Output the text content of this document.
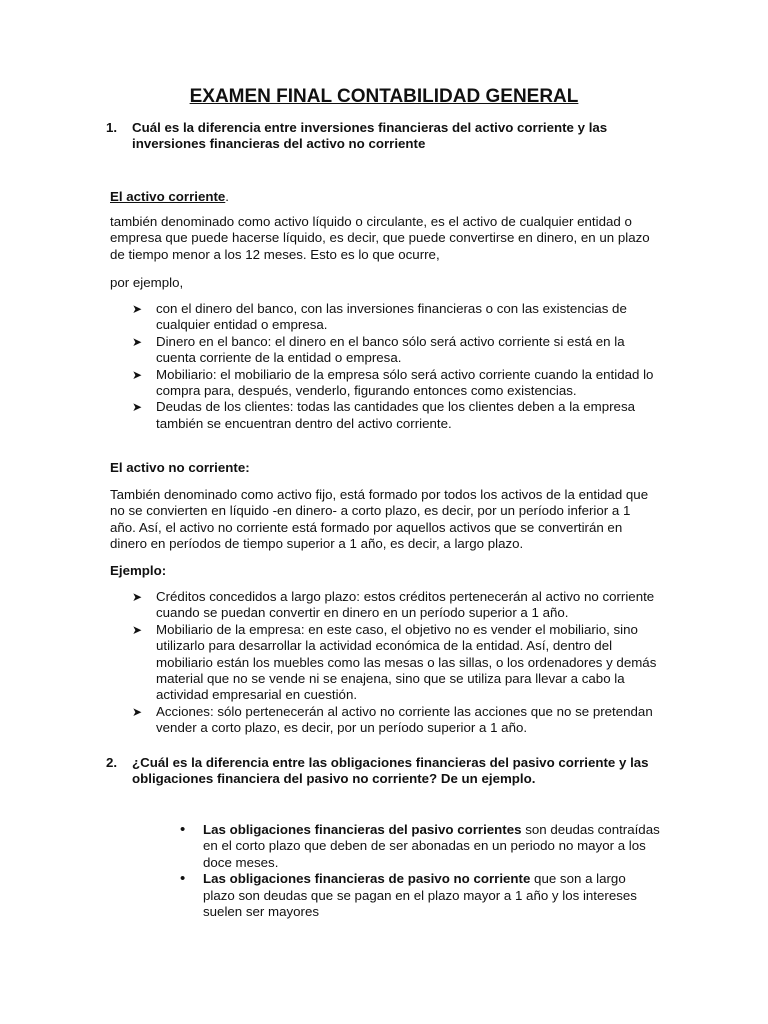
EXAMEN FINAL CONTABILIDAD GENERAL
1. Cuál es la diferencia entre inversiones financieras del activo corriente y las inversiones financieras del activo no corriente
El activo corriente.

también denominado como activo líquido o circulante, es el activo de cualquier entidad o empresa que puede hacerse líquido, es decir, que puede convertirse en dinero, en un plazo de tiempo menor a los 12 meses. Esto es lo que ocurre,

por ejemplo,

➤ con el dinero del banco, con las inversiones financieras o con las existencias de cualquier entidad o empresa.
➤ Dinero en el banco: el dinero en el banco sólo será activo corriente si está en la cuenta corriente de la entidad o empresa.
➤ Mobiliario: el mobiliario de la empresa sólo será activo corriente cuando la entidad lo compra para, después, venderlo, figurando entonces como existencias.
➤ Deudas de los clientes: todas las cantidades que los clientes deben a la empresa también se encuentran dentro del activo corriente.
El activo no corriente:

También denominado como activo fijo, está formado por todos los activos de la entidad que no se convierten en líquido -en dinero- a corto plazo, es decir, por un período inferior a 1 año. Así, el activo no corriente está formado por aquellos activos que se convertirán en dinero en períodos de tiempo superior a 1 año, es decir, a largo plazo.

Ejemplo:
➤ Créditos concedidos a largo plazo: estos créditos pertenecerán al activo no corriente cuando se puedan convertir en dinero en un período superior a 1 año.
➤ Mobiliario de la empresa: en este caso, el objetivo no es vender el mobiliario, sino utilizarlo para desarrollar la actividad económica de la entidad. Así, dentro del mobiliario están los muebles como las mesas o las sillas, o los ordenadores y demás material que no se vende ni se enajena, sino que se utiliza para llevar a cabo la actividad empresarial en cuestión.
➤ Acciones: sólo pertenecerán al activo no corriente las acciones que no se pretendan vender a corto plazo, es decir, por un período superior a 1 año.
2. ¿Cuál es la diferencia entre las obligaciones financieras del pasivo corriente y las obligaciones financiera del pasivo no corriente? De un ejemplo.
• Las obligaciones financieras del pasivo corrientes son deudas contraídas en el corto plazo que deben de ser abonadas en un periodo no mayor a los doce meses.
• Las obligaciones financieras de pasivo no corriente que son a largo plazo son deudas que se pagan en el plazo mayor a 1 año y los intereses suelen ser mayores
